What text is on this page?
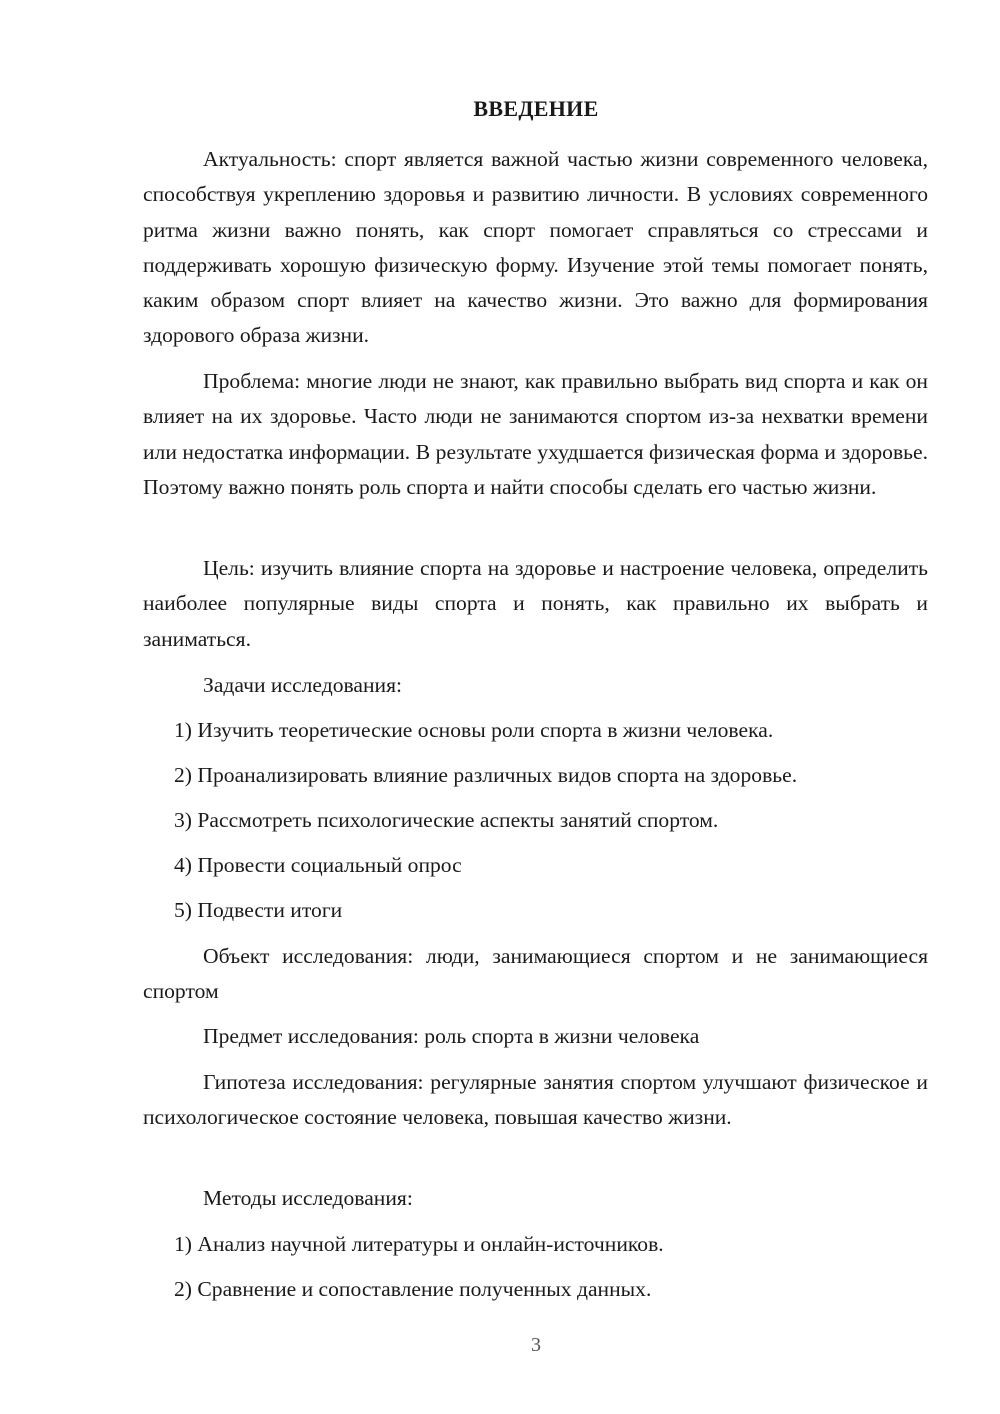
ВВЕДЕНИЕ

Актуальность: спорт является важной частью жизни современного человека, способствуя укреплению здоровья и развитию личности. В условиях современного ритма жизни важно понять, как спорт помогает справляться со стрессами и поддерживать хорошую физическую форму. Изучение этой темы помогает понять, каким образом спорт влияет на качество жизни. Это важно для формирования здорового образа жизни.

Проблема: многие люди не знают, как правильно выбрать вид спорта и как он влияет на их здоровье. Часто люди не занимаются спортом из-за нехватки времени или недостатка информации. В результате ухудшается физическая форма и здоровье. Поэтому важно понять роль спорта и найти способы сделать его частью жизни.

Цель: изучить влияние спорта на здоровье и настроение человека, определить наиболее популярные виды спорта и понять, как правильно их выбрать и заниматься.

Задачи исследования:

1) Изучить теоретические основы роли спорта в жизни человека.

2) Проанализировать влияние различных видов спорта на здоровье.

3) Рассмотреть психологические аспекты занятий спортом.

4) Провести социальный опрос

5) Подвести итоги

Объект исследования: люди, занимающиеся спортом и не занимающиеся спортом

Предмет исследования: роль спорта в жизни человека

Гипотеза исследования: регулярные занятия спортом улучшают физическое и психологическое состояние человека, повышая качество жизни.

Методы исследования:

1) Анализ научной литературы и онлайн-источников.

2) Сравнение и сопоставление полученных данных.

3
